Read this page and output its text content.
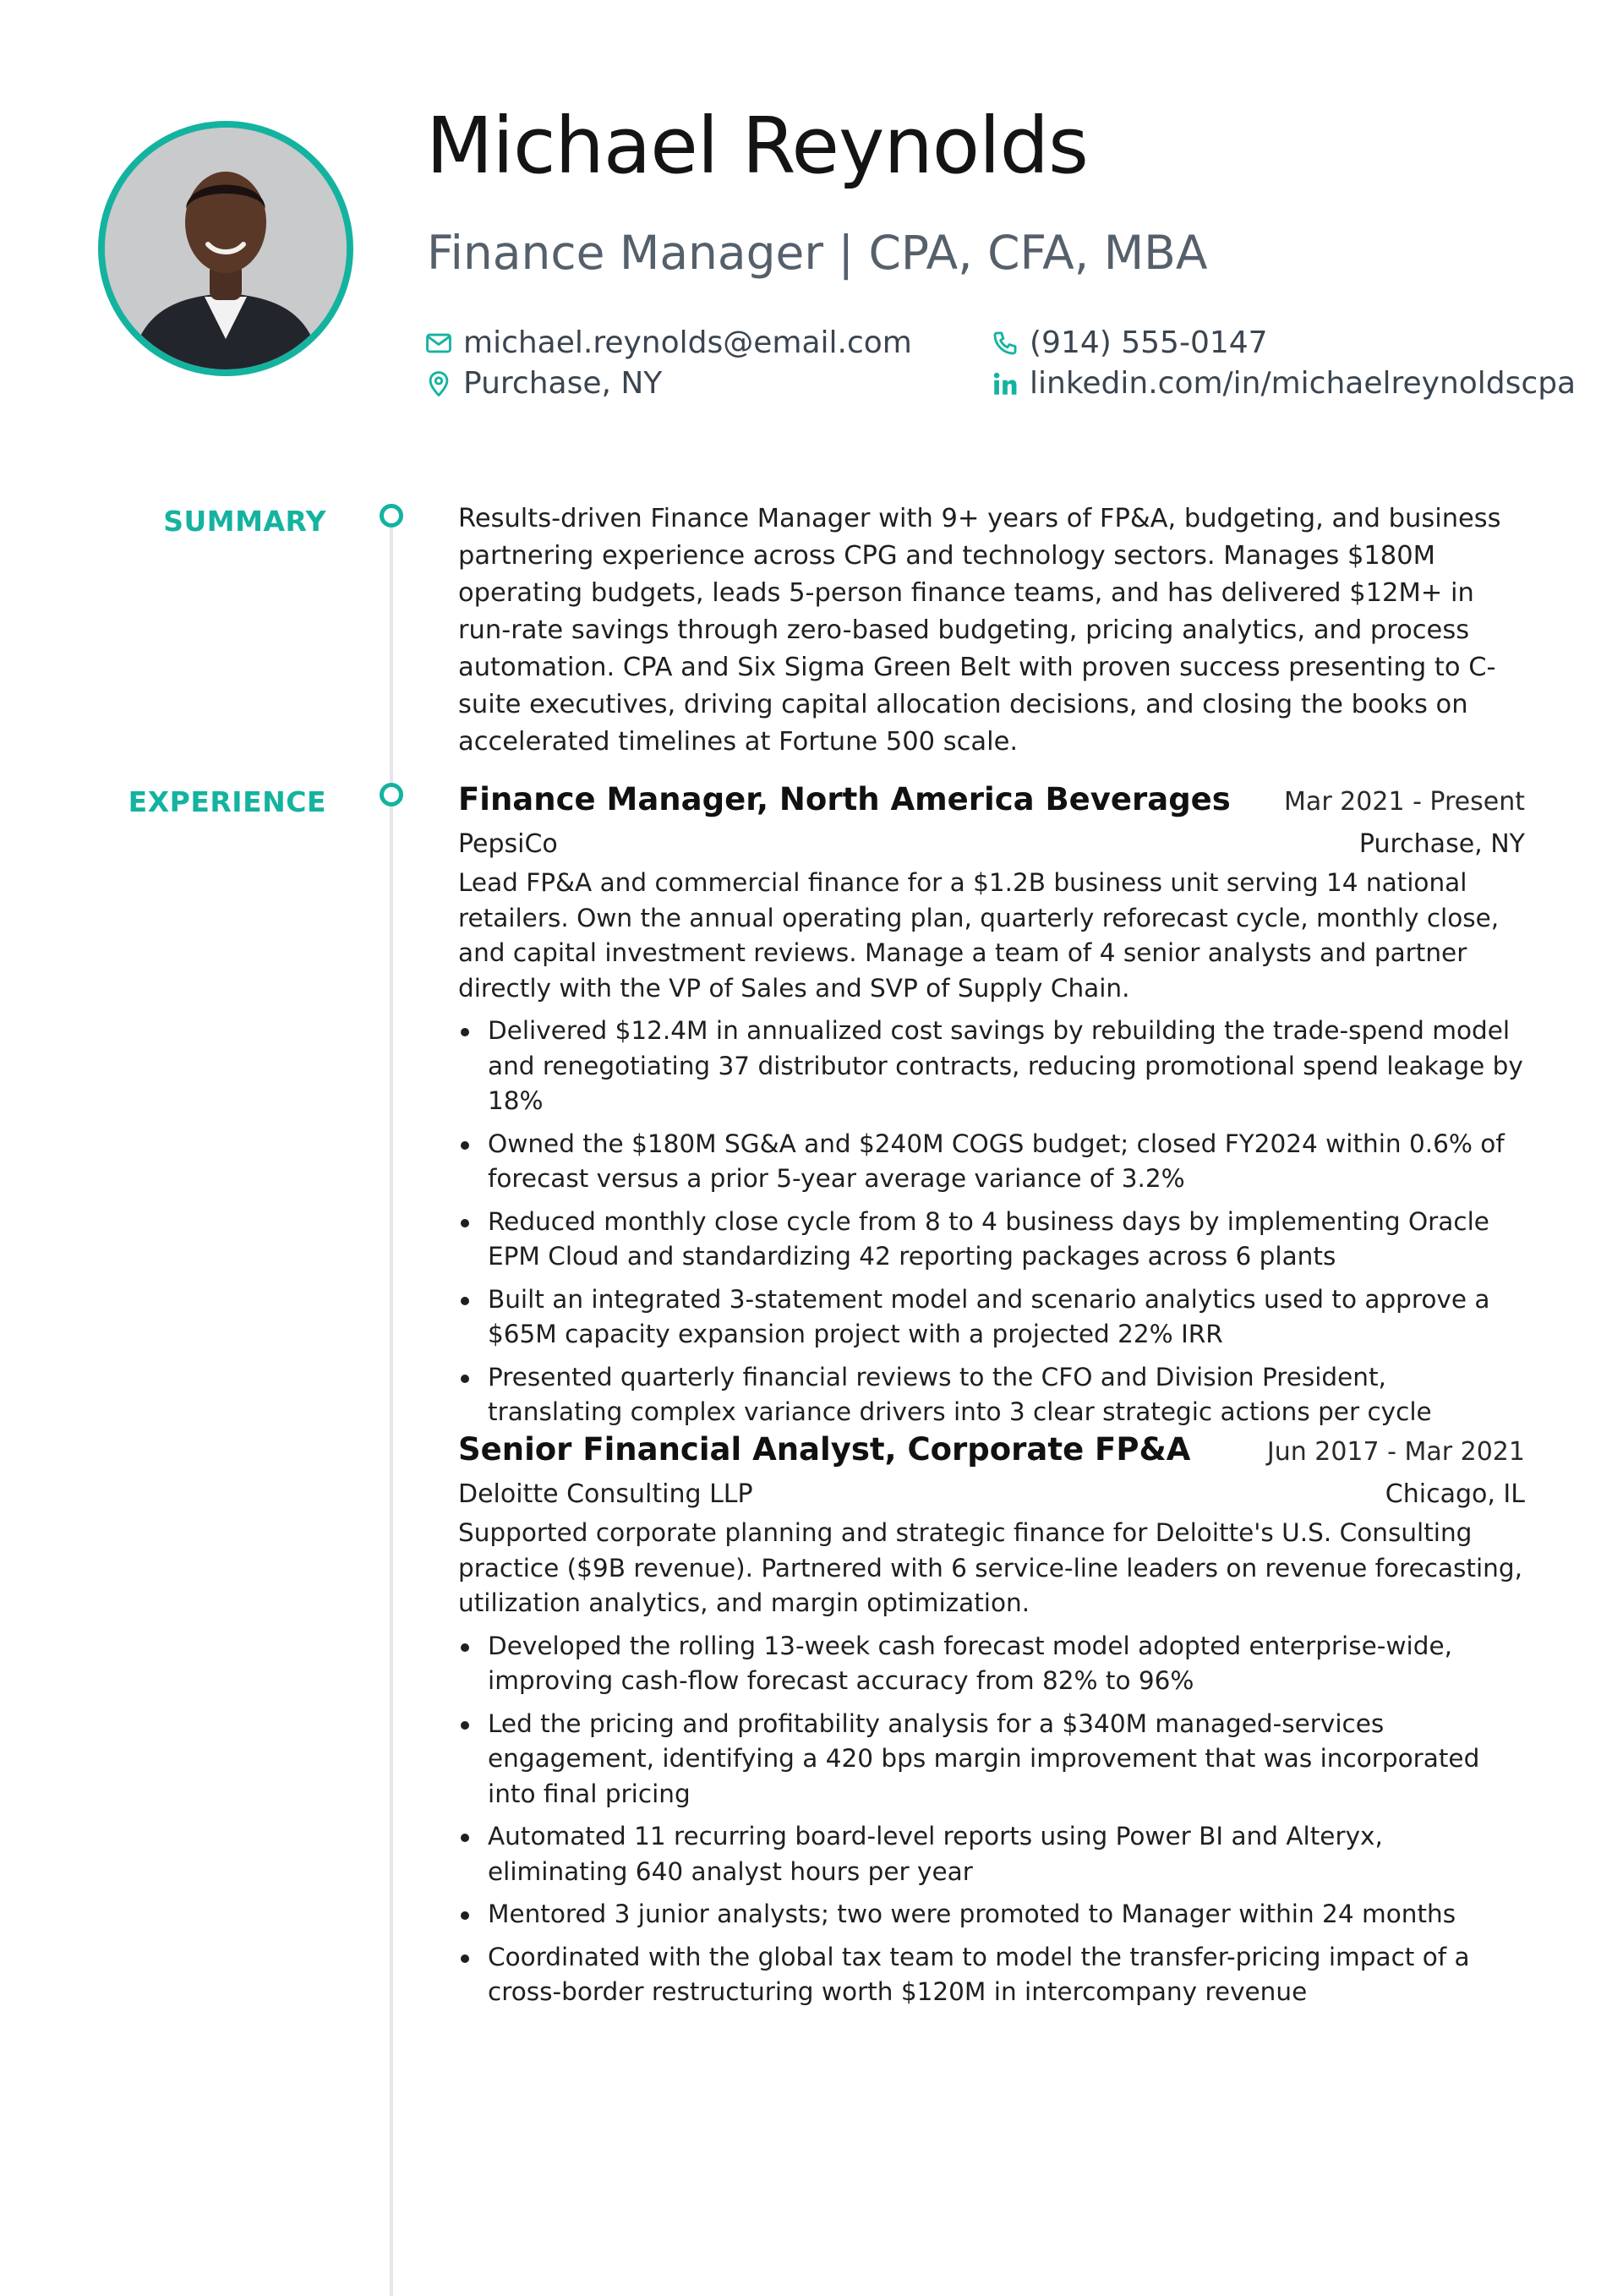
Michael Reynolds
Finance Manager | CPA, CFA, MBA
michael.reynolds@email.com	(914) 555-0147
Purchase, NY	linkedin.com/in/michaelreynoldscpa
SUMMARY
EXPERIENCE

Results-driven Finance Manager with 9+ years of FP&A, budgeting, and business partnering experience across CPG and technology sectors. Manages $180M operating budgets, leads 5-person finance teams, and has delivered $12M+ in run-rate savings through zero-based budgeting, pricing analytics, and process automation. CPA and Six Sigma Green Belt with proven success presenting to C-suite executives, driving capital allocation decisions, and closing the books on accelerated timelines at Fortune 500 scale.

Finance Manager, North America Beverages Mar 2021 - Present
PepsiCo	Purchase, NY

Lead FP&A and commercial finance for a $1.2B business unit serving 14 national retailers. Own the annual operating plan, quarterly reforecast cycle, monthly close, and capital investment reviews. Manage a team of 4 senior analysts and partner directly with the VP of Sales and SVP of Supply Chain.

Delivered $12.4M in annualized cost savings by rebuilding the trade-spend model and renegotiating 37 distributor contracts, reducing promotional spend leakage by 18%
Owned the $180M SG&A and $240M COGS budget; closed FY2024 within 0.6% of forecast versus a prior 5-year average variance of 3.2%
Reduced monthly close cycle from 8 to 4 business days by implementing Oracle EPM Cloud and standardizing 42 reporting packages across 6 plants
Built an integrated 3-statement model and scenario analytics used to approve a $65M capacity expansion project with a projected 22% IRR
Presented quarterly financial reviews to the CFO and Division President, translating complex variance drivers into 3 clear strategic actions per cycle
Senior Financial Analyst, Corporate FP&A	Jun 2017 - Mar 2021
Deloitte Consulting LLP	Chicago, IL

Supported corporate planning and strategic finance for Deloitte's U.S. Consulting practice ($9B revenue). Partnered with 6 service-line leaders on revenue forecasting, utilization analytics, and margin optimization.

Developed the rolling 13-week cash forecast model adopted enterprise-wide, improving cash-flow forecast accuracy from 82% to 96%
Led the pricing and profitability analysis for a $340M managed-services engagement, identifying a 420 bps margin improvement that was incorporated into final pricing
Automated 11 recurring board-level reports using Power BI and Alteryx, eliminating 640 analyst hours per year
Mentored 3 junior analysts; two were promoted to Manager within 24 months
Coordinated with the global tax team to model the transfer-pricing impact of a cross-border restructuring worth $120M in intercompany revenue
